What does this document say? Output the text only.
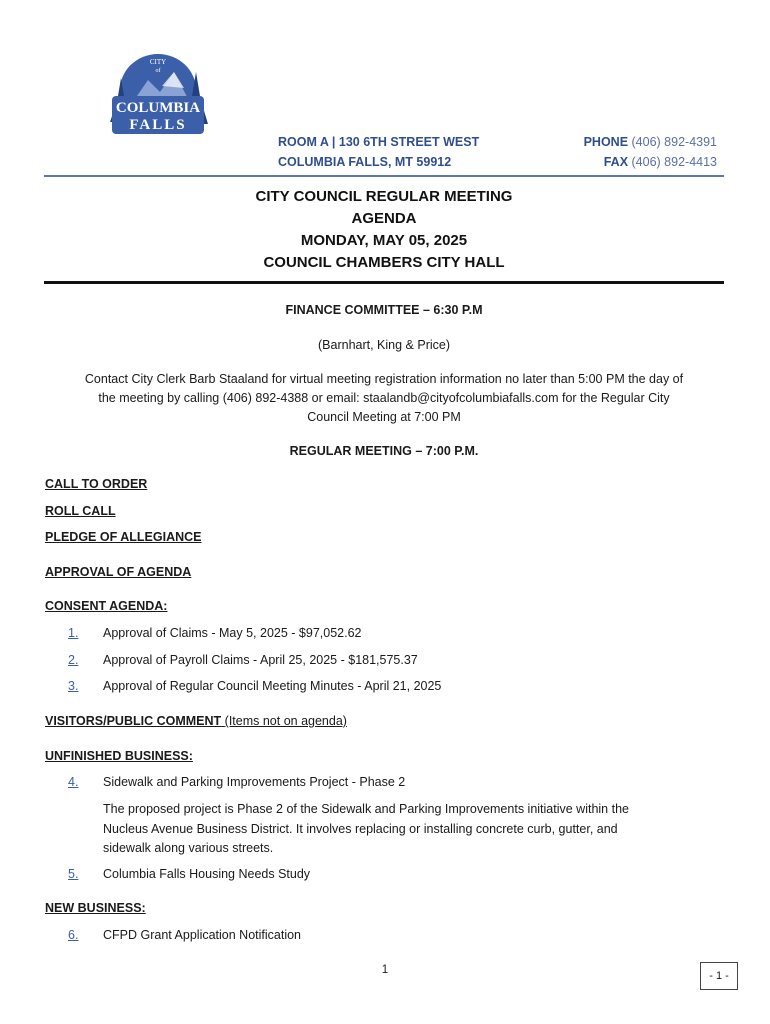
CITY
of
COLUMBIA
FALLS
ROOM A | 130 6TH STREET WEST
COLUMBIA FALLS, MT 59912
PHONE (406) 892-4391
FAX (406) 892-4413
CITY COUNCIL REGULAR MEETING
AGENDA
MONDAY, MAY 05, 2025
COUNCIL CHAMBERS CITY HALL
FINANCE COMMITTEE – 6:30 P.M
(Barnhart, King & Price)
Contact City Clerk Barb Staaland for virtual meeting registration information no later than 5:00 PM the day of
the meeting by calling (406) 892-4388 or email: staalandb@cityofcolumbiafalls.com for the Regular City
Council Meeting at 7:00 PM
REGULAR MEETING – 7:00 P.M.
CALL TO ORDER
ROLL CALL
PLEDGE OF ALLEGIANCE
APPROVAL OF AGENDA
CONSENT AGENDA:
1. Approval of Claims - May 5, 2025 - $97,052.62
2. Approval of Payroll Claims - April 25, 2025 - $181,575.37
3. Approval of Regular Council Meeting Minutes - April 21, 2025
VISITORS/PUBLIC COMMENT (Items not on agenda)
UNFINISHED BUSINESS:
4. Sidewalk and Parking Improvements Project - Phase 2
The proposed project is Phase 2 of the Sidewalk and Parking Improvements initiative within the
Nucleus Avenue Business District. It involves replacing or installing concrete curb, gutter, and
sidewalk along various streets.
5. Columbia Falls Housing Needs Study
NEW BUSINESS:
6. CFPD Grant Application Notification
1	- 1 -
